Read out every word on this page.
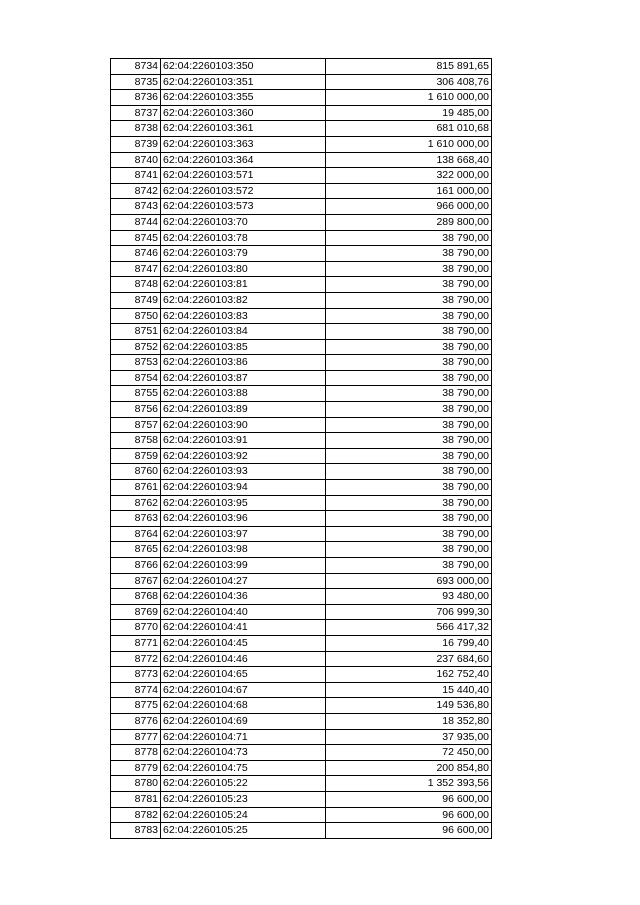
8734	62:04:2260103:350	815 891,65
8735	62:04:2260103:351	306 408,76
8736	62:04:2260103:355	1 610 000,00
8737	62:04:2260103:360	19 485,00
8738	62:04:2260103:361	681 010,68
8739	62:04:2260103:363	1 610 000,00
8740	62:04:2260103:364	138 668,40
8741	62:04:2260103:571	322 000,00
8742	62:04:2260103:572	161 000,00
8743	62:04:2260103:573	966 000,00
8744	62:04:2260103:70	289 800,00
8745	62:04:2260103:78	38 790,00
8746	62:04:2260103:79	38 790,00
8747	62:04:2260103:80	38 790,00
8748	62:04:2260103:81	38 790,00
8749	62:04:2260103:82	38 790,00
8750	62:04:2260103:83	38 790,00
8751	62:04:2260103:84	38 790,00
8752	62:04:2260103:85	38 790,00
8753	62:04:2260103:86	38 790,00
8754	62:04:2260103:87	38 790,00
8755	62:04:2260103:88	38 790,00
8756	62:04:2260103:89	38 790,00
8757	62:04:2260103:90	38 790,00
8758	62:04:2260103:91	38 790,00
8759	62:04:2260103:92	38 790,00
8760	62:04:2260103:93	38 790,00
8761	62:04:2260103:94	38 790,00
8762	62:04:2260103:95	38 790,00
8763	62:04:2260103:96	38 790,00
8764	62:04:2260103:97	38 790,00
8765	62:04:2260103:98	38 790,00
8766	62:04:2260103:99	38 790,00
8767	62:04:2260104:27	693 000,00
8768	62:04:2260104:36	93 480,00
8769	62:04:2260104:40	706 999,30
8770	62:04:2260104:41	566 417,32
8771	62:04:2260104:45	16 799,40
8772	62:04:2260104:46	237 684,60
8773	62:04:2260104:65	162 752,40
8774	62:04:2260104:67	15 440,40
8775	62:04:2260104:68	149 536,80
8776	62:04:2260104:69	18 352,80
8777	62:04:2260104:71	37 935,00
8778	62:04:2260104:73	72 450,00
8779	62:04:2260104:75	200 854,80
8780	62:04:2260105:22	1 352 393,56
8781	62:04:2260105:23	96 600,00
8782	62:04:2260105:24	96 600,00
8783	62:04:2260105:25	96 600,00
